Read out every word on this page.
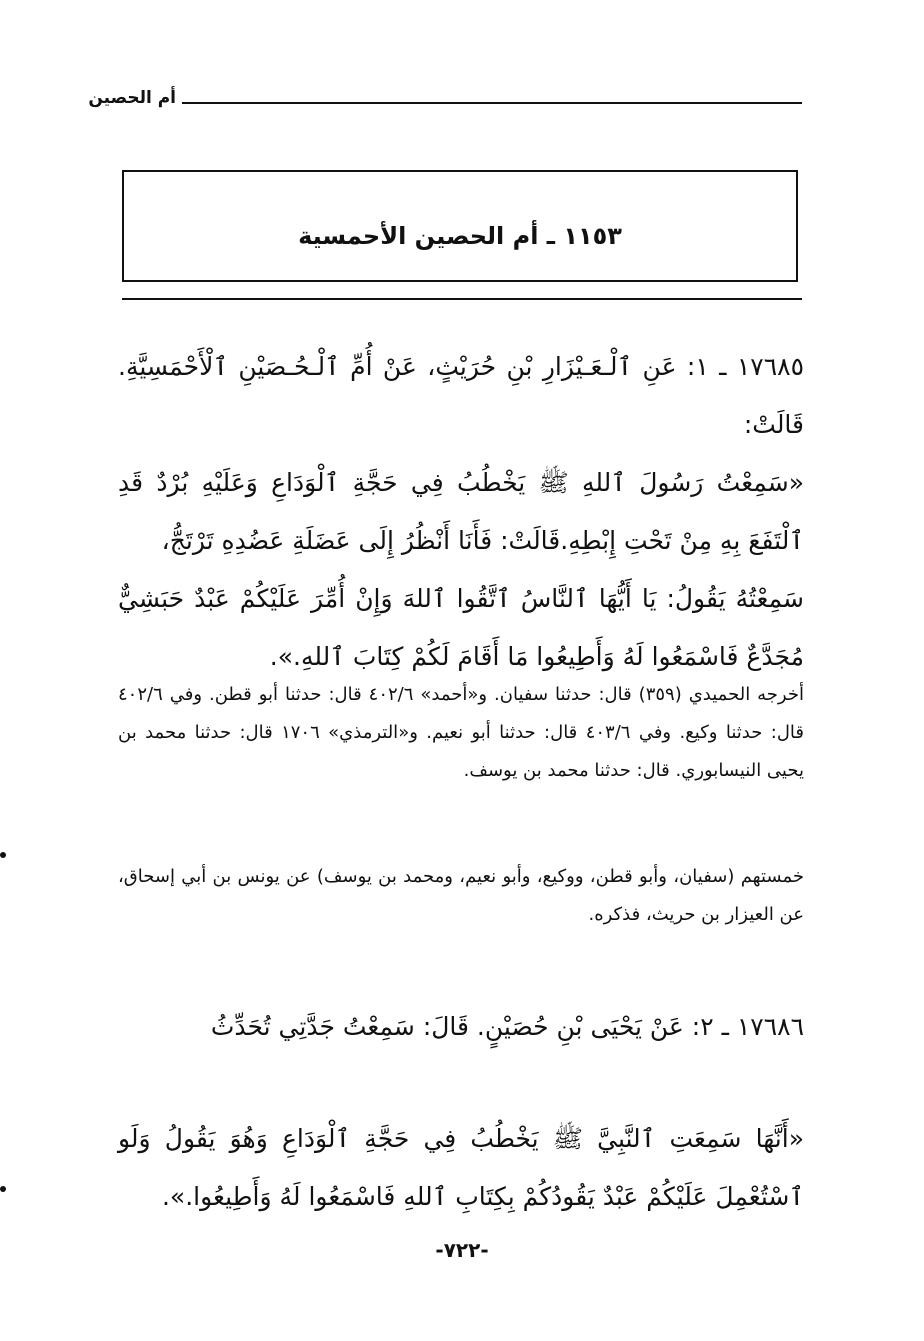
أم الحصين
١١٥٣ ـ أم الحصين الأحمسية

١٧٦٨٥ ـ ١: عَنِ ٱلْـعَـيْزَارِ بْنِ حُرَيْثٍ، عَنْ أُمِّ ٱلْـحُـصَيْنِ ٱلْأَحْمَسِيَّةِ. قَالَتْ:

«سَمِعْتُ رَسُولَ ٱللهِ ﷺ يَخْطُبُ فِي حَجَّةِ ٱلْوَدَاعِ وَعَلَيْهِ بُرْدٌ قَدِ ٱلْتَفَعَ بِهِ مِنْ تَحْتِ إِبْطِهِ.قَالَتْ: فَأَنَا أَنْظُرُ إِلَى عَضَلَةِ عَضُدِهِ تَرْتَجُّ،

سَمِعْتُهُ يَقُولُ: يَا أَيُّهَا ٱلنَّاسُ ٱتَّقُوا ٱللهَ وَإِنْ أُمِّرَ عَلَيْكُمْ عَبْدٌ حَبَشِيٌّ مُجَدَّعٌ فَاسْمَعُوا لَهُ وَأَطِيعُوا مَا أَقَامَ لَكُمْ كِتَابَ ٱللهِ.».

أخرجه الحميدي (٣٥٩) قال: حدثنا سفيان. و«أحمد» ٤٠٢/٦ قال: حدثنا أبو قطن. وفي ٤٠٢/٦ قال: حدثنا وكيع. وفي ٤٠٣/٦ قال: حدثنا أبو نعيم. و«الترمذي» ١٧٠٦ قال: حدثنا محمد بن يحيى النيسابوري. قال: حدثنا محمد بن يوسف.

خمستهم (سفيان، وأبو قطن، ووكيع، وأبو نعيم، ومحمد بن يوسف) عن يونس بن أبي إسحاق، عن العيزار بن حريث، فذكره.

١٧٦٨٦ ـ ٢: عَنْ يَحْيَى بْنِ حُصَيْنٍ. قَالَ: سَمِعْتُ جَدَّتِي تُحَدِّثُ

«أَنَّهَا سَمِعَتِ ٱلنَّبِيَّ ﷺ يَخْطُبُ فِي حَجَّةِ ٱلْوَدَاعِ وَهُوَ يَقُولُ وَلَو ٱسْتُعْمِلَ عَلَيْكُمْ عَبْدٌ يَقُودُكُمْ بِكِتَابِ ٱللهِ فَاسْمَعُوا لَهُ وَأَطِيعُوا.».

-٧٢٢-
